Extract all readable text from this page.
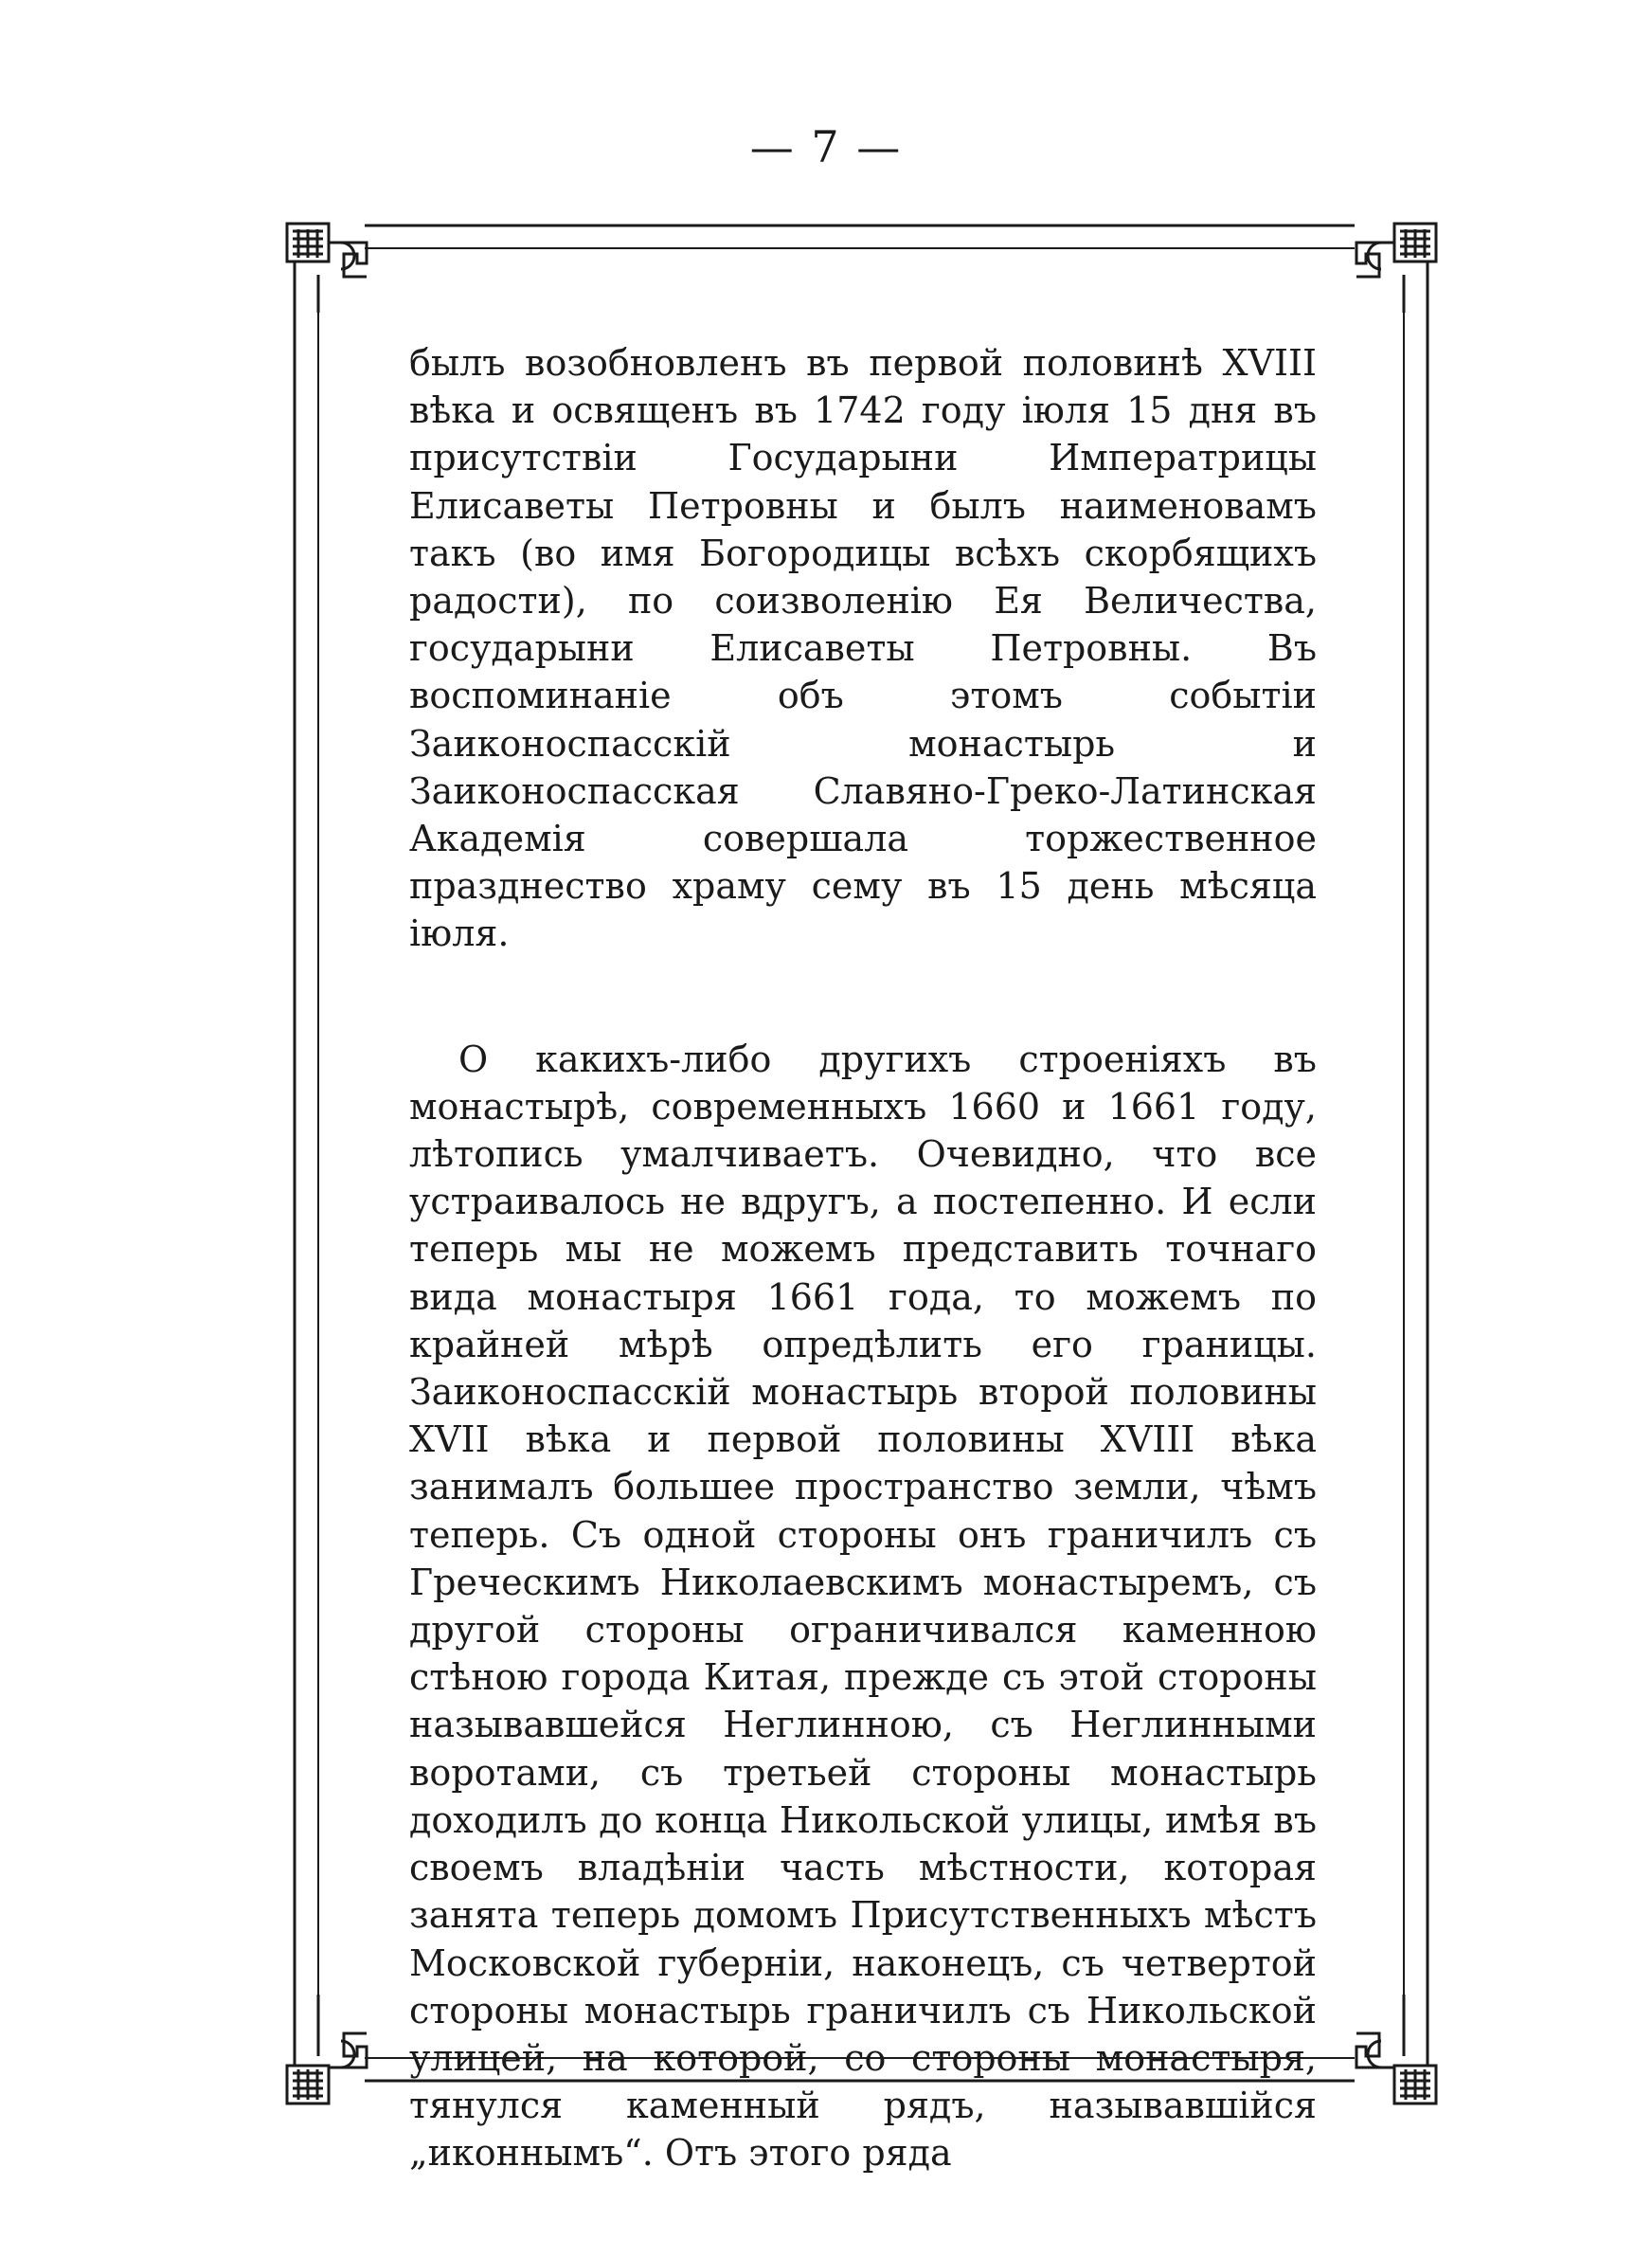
— 7 —

былъ возобновленъ въ первой половинѣ XVIII вѣка и освященъ въ 1742 году іюля 15 дня въ присутствіи Государыни Императрицы Елисаветы Петровны и былъ наименовамъ такъ (во имя Богородицы всѣхъ скорбящихъ радости), по соизволенію Ея Величества, государыни Елисаветы Петровны. Въ воспоминаніе объ этомъ событіи Заиконоспасскій монастырь и Заиконоспасская Славяно-Греко-Латинская Академія совершала торжественное празднество храму сему въ 15 день мѣсяца іюля.

О какихъ-либо другихъ строеніяхъ въ монастырѣ, современныхъ 1660 и 1661 году, лѣтопись умалчиваетъ. Очевидно, что все устраивалось не вдругъ, а постепенно. И если теперь мы не можемъ представить точнаго вида монастыря 1661 года, то можемъ по крайней мѣрѣ опредѣлить его границы. Заиконоспасскій монастырь второй половины XVII вѣка и первой половины XVIII вѣка занималъ большее пространство земли, чѣмъ теперь. Съ одной стороны онъ граничилъ съ Греческимъ Николаевскимъ монастыремъ, съ другой стороны ограничивался каменною стѣною города Китая, прежде съ этой стороны называвшейся Неглинною, съ Неглинными воротами, съ третьей стороны монастырь доходилъ до конца Никольской улицы, имѣя въ своемъ владѣніи часть мѣстности, которая занята теперь домомъ Присутственныхъ мѣстъ Московской губерніи, наконецъ, съ четвертой стороны монастырь граничилъ съ Никольской улицей, на которой, со стороны монастыря, тянулся каменный рядъ, называвшійся „иконнымъ“. Отъ этого ряда
